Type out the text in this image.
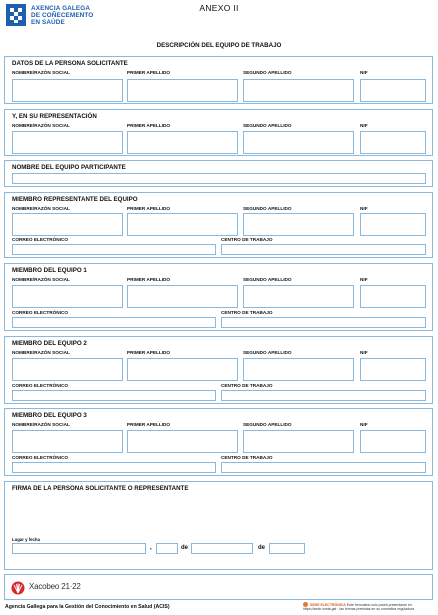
AXENCIA GALEGA
DE COÑECEMENTO
EN SAÚDE
ANEXO II
DESCRIPCIÓN DEL EQUIPO DE TRABAJO
DATOS DE LA PERSONA SOLICITANTE
NOMBRE/RAZÓN SOCIAL	PRIMER APELLIDO	SEGUNDO APELLIDO	NIF
Y, EN SU REPRESENTACIÓN
NOMBRE/RAZÓN SOCIAL	PRIMER APELLIDO	SEGUNDO APELLIDO	NIF
NOMBRE DEL EQUIPO PARTICIPANTE
MIEMBRO REPRESENTANTE DEL EQUIPO
NOMBRE/RAZÓN SOCIAL	PRIMER APELLIDO	SEGUNDO APELLIDO	NIF
CORREO ELECTRÓNICO	CENTRO DE TRABAJO
MIEMBRO DEL EQUIPO 1
NOMBRE/RAZÓN SOCIAL	PRIMER APELLIDO	SEGUNDO APELLIDO	NIF
CORREO ELECTRÓNICO	CENTRO DE TRABAJO
MIEMBRO DEL EQUIPO 2
NOMBRE/RAZÓN SOCIAL	PRIMER APELLIDO	SEGUNDO APELLIDO	NIF
CORREO ELECTRÓNICO	CENTRO DE TRABAJO
MIEMBRO DEL EQUIPO 3
NOMBRE/RAZÓN SOCIAL	PRIMER APELLIDO	SEGUNDO APELLIDO	NIF
CORREO ELECTRÓNICO	CENTRO DE TRABAJO
FIRMA DE LA PERSONA SOLICITANTE O REPRESENTANTE
Lugar y fecha
,	de	de
Xacobeo 21·22
Agencia Gallega para la Gestión del Conocimiento en Salud (ACIS)	SEDE ELECTRÓNICA Este formulario solo podrá presentarse en
https://sede.xunta.gal · las formas previstas en su normativa reguladora
